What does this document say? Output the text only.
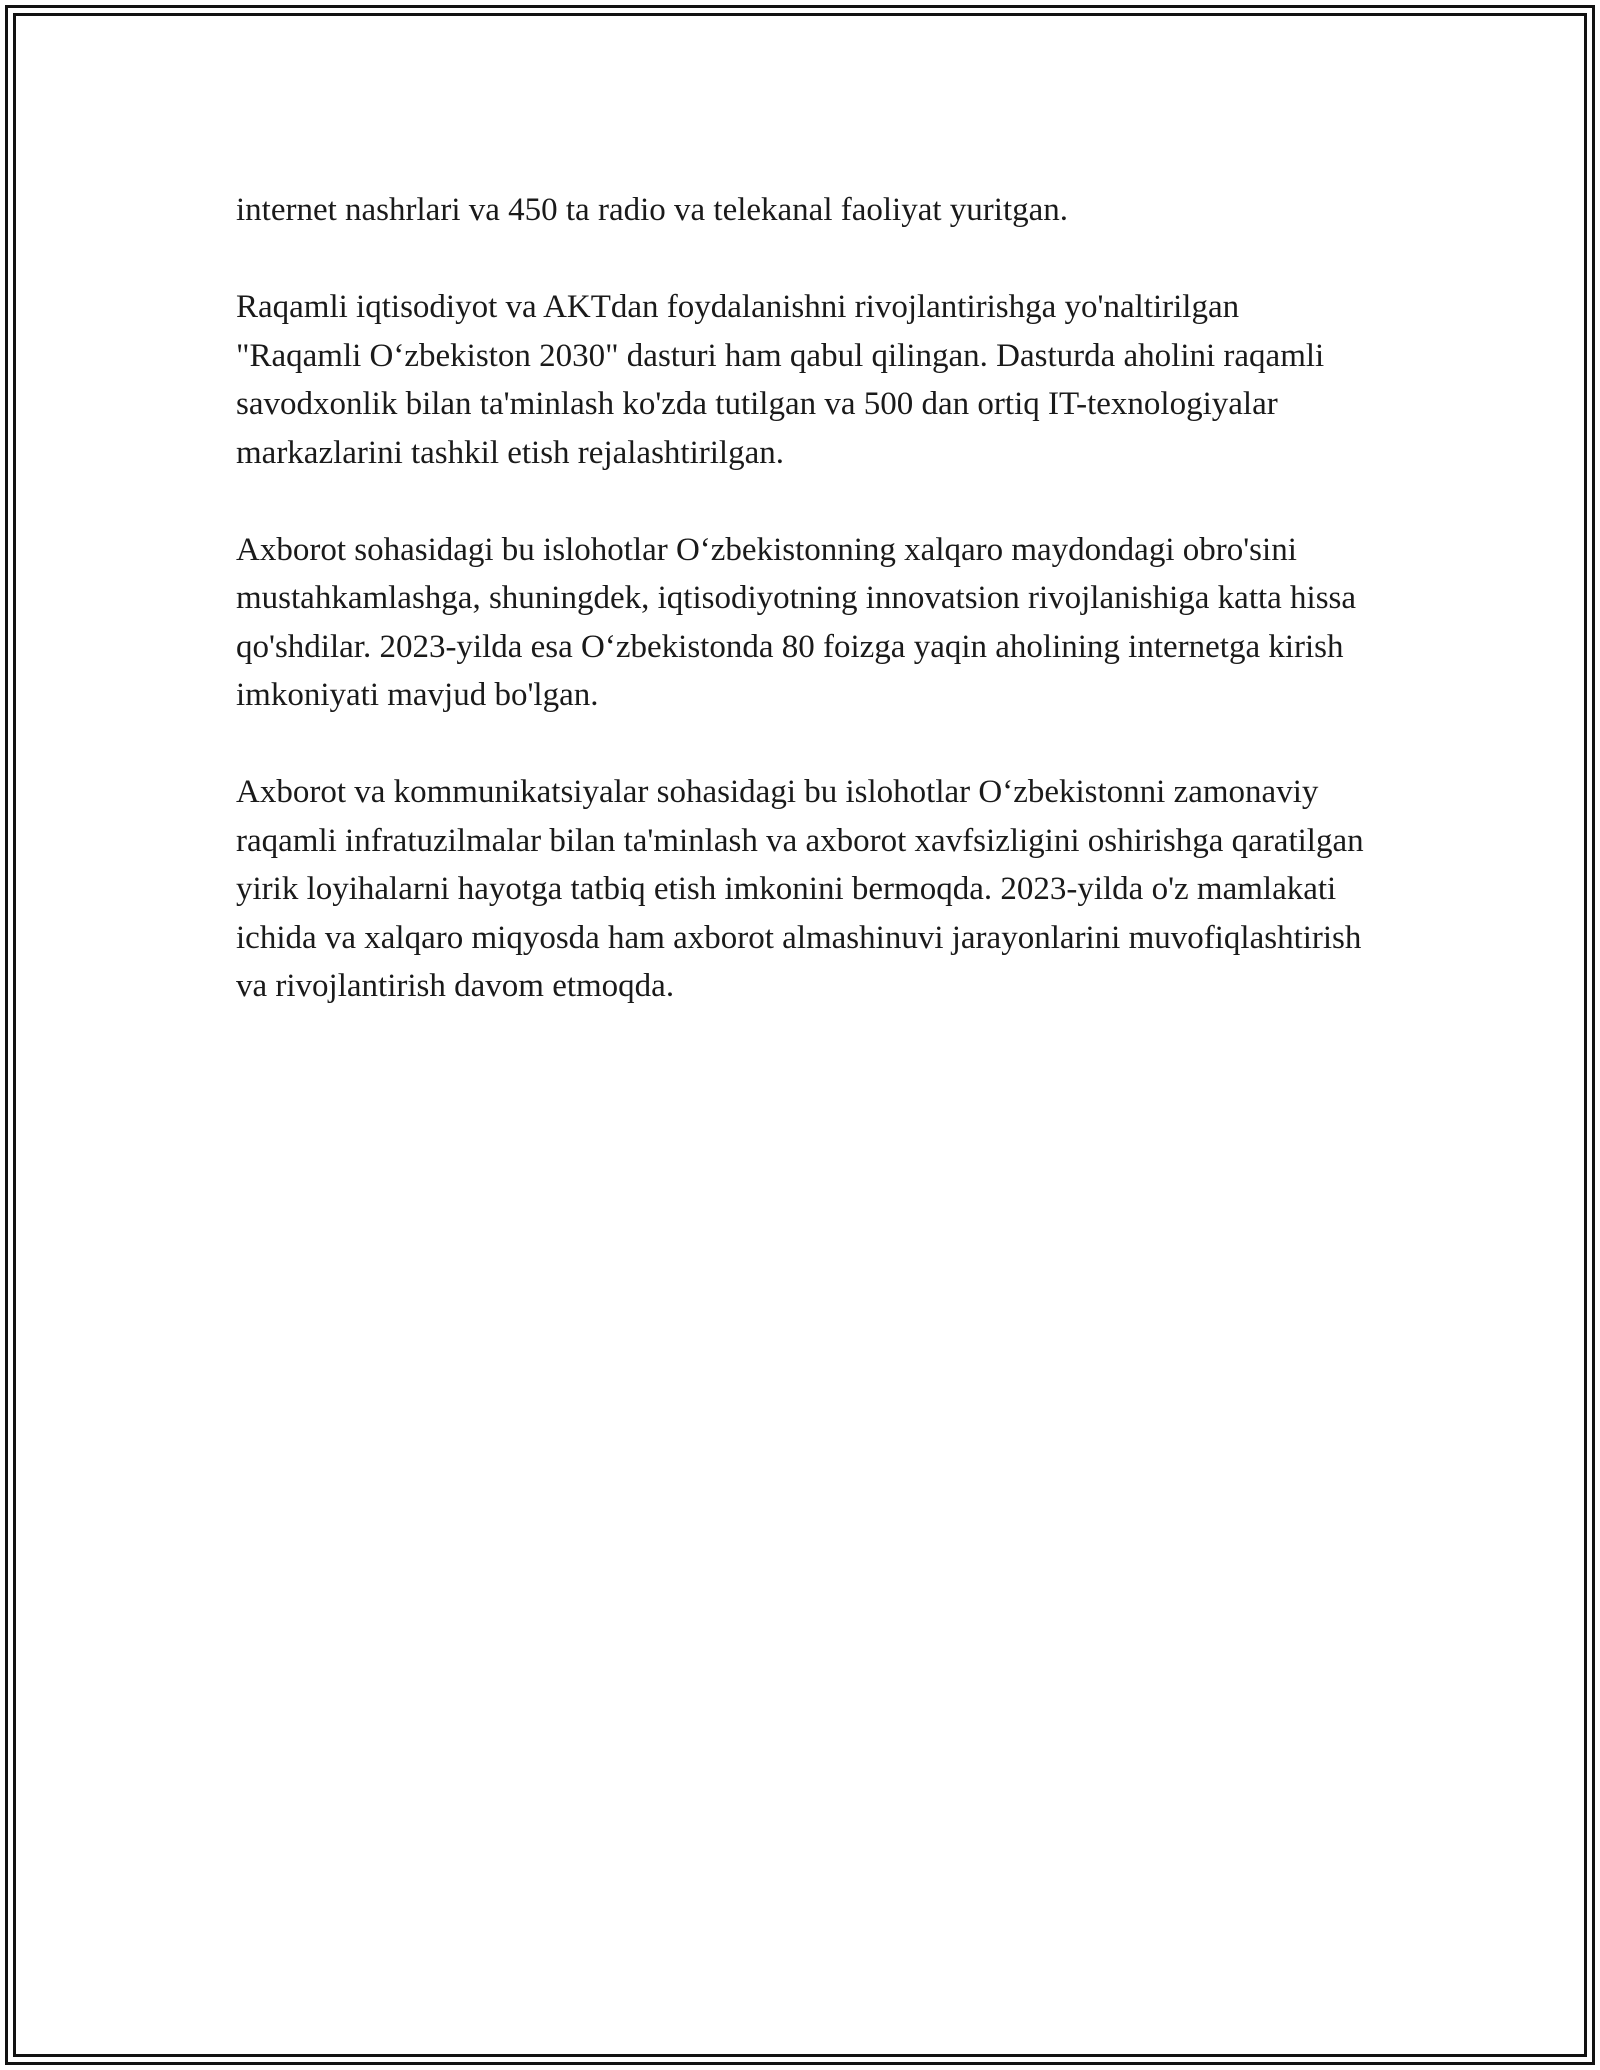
internet nashrlari va 450 ta radio va telekanal faoliyat yuritgan.

Raqamli iqtisodiyot va AKTdan foydalanishni rivojlantirishga yo'naltirilgan "Raqamli O‘zbekiston 2030" dasturi ham qabul qilingan. Dasturda aholini raqamli savodxonlik bilan ta'minlash ko'zda tutilgan va 500 dan ortiq IT-texnologiyalar markazlarini tashkil etish rejalashtirilgan.

Axborot sohasidagi bu islohotlar O‘zbekistonning xalqaro maydondagi obro'sini mustahkamlashga, shuningdek, iqtisodiyotning innovatsion rivojlanishiga katta hissa qo'shdilar. 2023-yilda esa O‘zbekistonda 80 foizga yaqin aholining internetga kirish imkoniyati mavjud bo'lgan.

Axborot va kommunikatsiyalar sohasidagi bu islohotlar O‘zbekistonni zamonaviy raqamli infratuzilmalar bilan ta'minlash va axborot xavfsizligini oshirishga qaratilgan yirik loyihalarni hayotga tatbiq etish imkonini bermoqda. 2023-yilda o'z mamlakati ichida va xalqaro miqyosda ham axborot almashinuvi jarayonlarini muvofiqlashtirish va rivojlantirish davom etmoqda.
